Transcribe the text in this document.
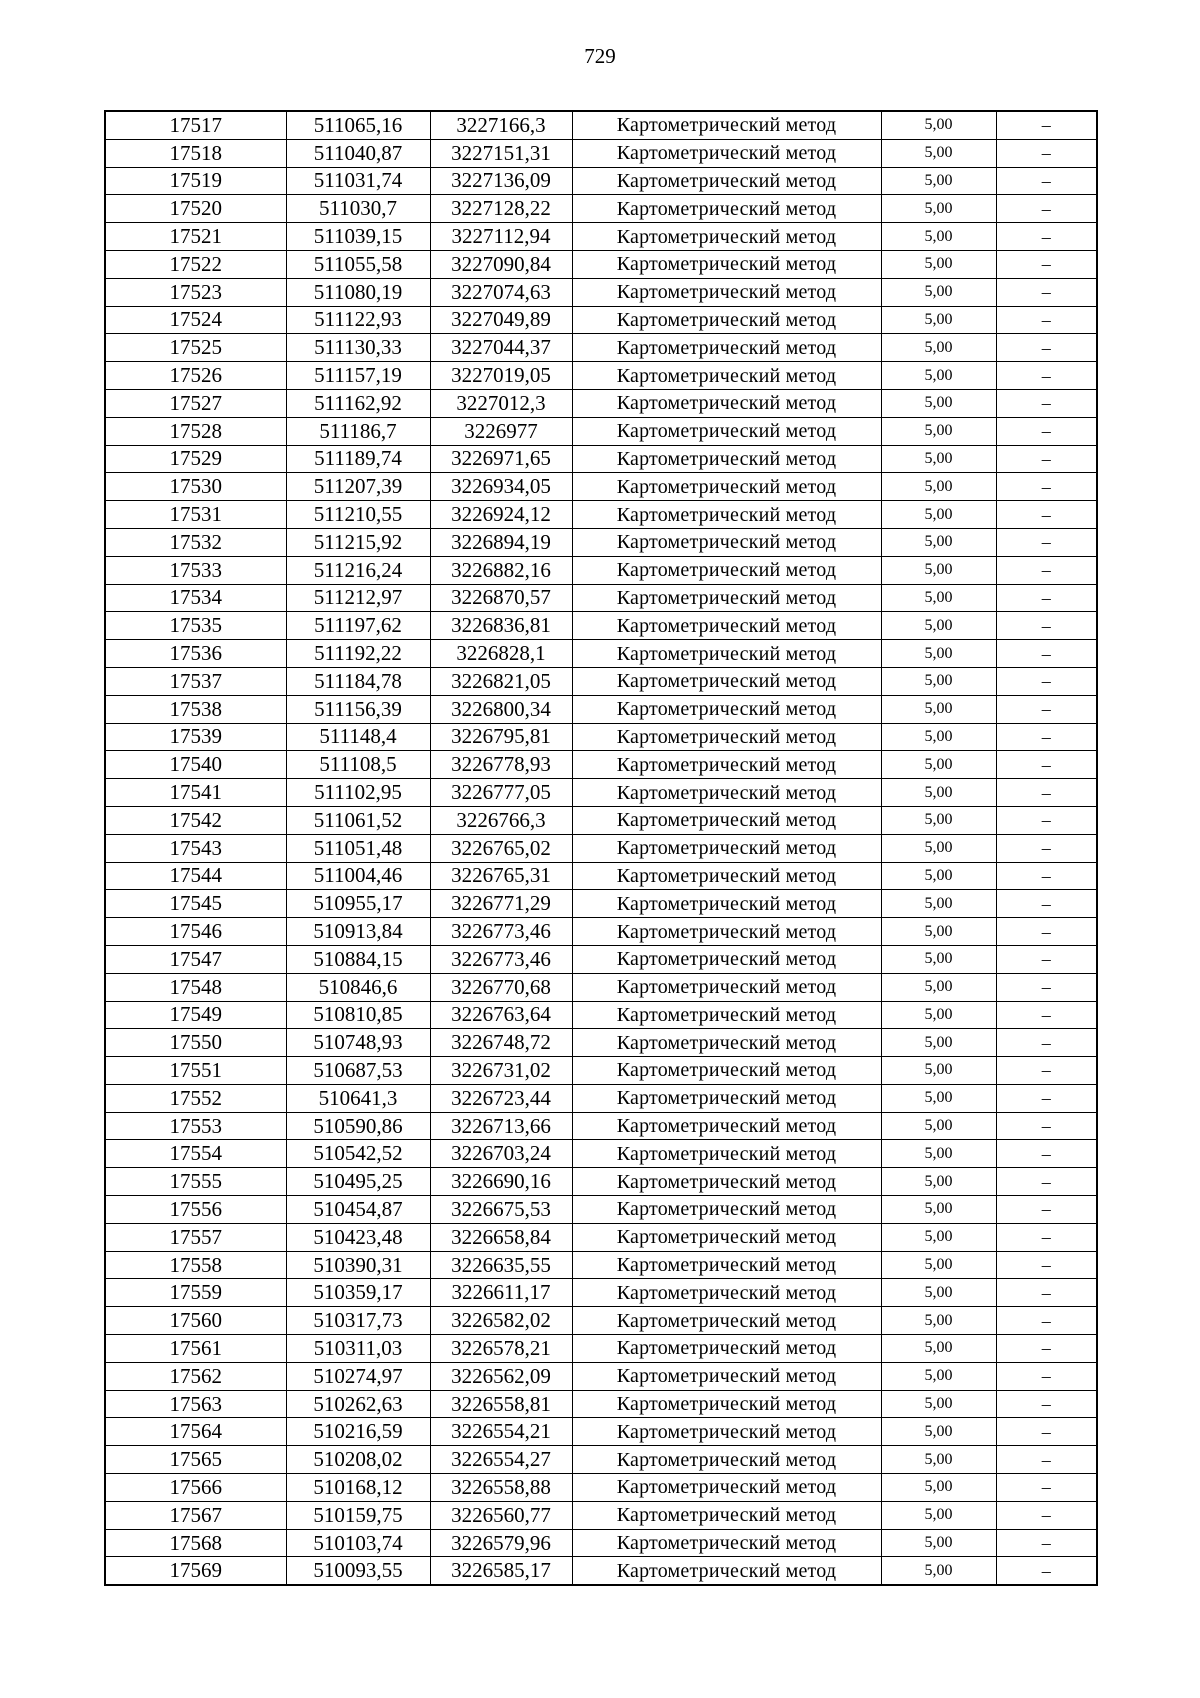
729
17517	511065,16	3227166,3	Картометрический метод	5,00	–
17518	511040,87	3227151,31	Картометрический метод	5,00	–
17519	511031,74	3227136,09	Картометрический метод	5,00	–
17520	511030,7	3227128,22	Картометрический метод	5,00	–
17521	511039,15	3227112,94	Картометрический метод	5,00	–
17522	511055,58	3227090,84	Картометрический метод	5,00	–
17523	511080,19	3227074,63	Картометрический метод	5,00	–
17524	511122,93	3227049,89	Картометрический метод	5,00	–
17525	511130,33	3227044,37	Картометрический метод	5,00	–
17526	511157,19	3227019,05	Картометрический метод	5,00	–
17527	511162,92	3227012,3	Картометрический метод	5,00	–
17528	511186,7	3226977	Картометрический метод	5,00	–
17529	511189,74	3226971,65	Картометрический метод	5,00	–
17530	511207,39	3226934,05	Картометрический метод	5,00	–
17531	511210,55	3226924,12	Картометрический метод	5,00	–
17532	511215,92	3226894,19	Картометрический метод	5,00	–
17533	511216,24	3226882,16	Картометрический метод	5,00	–
17534	511212,97	3226870,57	Картометрический метод	5,00	–
17535	511197,62	3226836,81	Картометрический метод	5,00	–
17536	511192,22	3226828,1	Картометрический метод	5,00	–
17537	511184,78	3226821,05	Картометрический метод	5,00	–
17538	511156,39	3226800,34	Картометрический метод	5,00	–
17539	511148,4	3226795,81	Картометрический метод	5,00	–
17540	511108,5	3226778,93	Картометрический метод	5,00	–
17541	511102,95	3226777,05	Картометрический метод	5,00	–
17542	511061,52	3226766,3	Картометрический метод	5,00	–
17543	511051,48	3226765,02	Картометрический метод	5,00	–
17544	511004,46	3226765,31	Картометрический метод	5,00	–
17545	510955,17	3226771,29	Картометрический метод	5,00	–
17546	510913,84	3226773,46	Картометрический метод	5,00	–
17547	510884,15	3226773,46	Картометрический метод	5,00	–
17548	510846,6	3226770,68	Картометрический метод	5,00	–
17549	510810,85	3226763,64	Картометрический метод	5,00	–
17550	510748,93	3226748,72	Картометрический метод	5,00	–
17551	510687,53	3226731,02	Картометрический метод	5,00	–
17552	510641,3	3226723,44	Картометрический метод	5,00	–
17553	510590,86	3226713,66	Картометрический метод	5,00	–
17554	510542,52	3226703,24	Картометрический метод	5,00	–
17555	510495,25	3226690,16	Картометрический метод	5,00	–
17556	510454,87	3226675,53	Картометрический метод	5,00	–
17557	510423,48	3226658,84	Картометрический метод	5,00	–
17558	510390,31	3226635,55	Картометрический метод	5,00	–
17559	510359,17	3226611,17	Картометрический метод	5,00	–
17560	510317,73	3226582,02	Картометрический метод	5,00	–
17561	510311,03	3226578,21	Картометрический метод	5,00	–
17562	510274,97	3226562,09	Картометрический метод	5,00	–
17563	510262,63	3226558,81	Картометрический метод	5,00	–
17564	510216,59	3226554,21	Картометрический метод	5,00	–
17565	510208,02	3226554,27	Картометрический метод	5,00	–
17566	510168,12	3226558,88	Картометрический метод	5,00	–
17567	510159,75	3226560,77	Картометрический метод	5,00	–
17568	510103,74	3226579,96	Картометрический метод	5,00	–
17569	510093,55	3226585,17	Картометрический метод	5,00	–
